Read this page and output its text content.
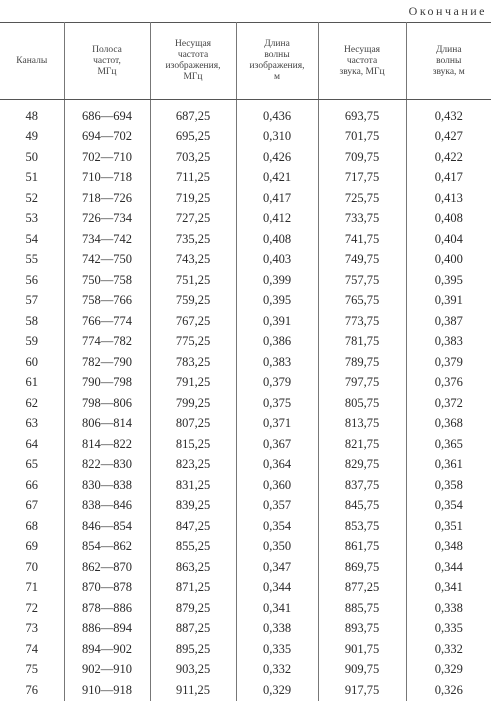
Окончание
Каналы	Полоса
частот,
МГц	Несущая
частота
изображения,
МГц	Длина
волны
изображения,
м	Несущая
частота
звука, МГц	Длина
волны
звука, м

48	686—694	687,25	0,436	693,75	0,432
49	694—702	695,25	0,310	701,75	0,427
50	702—710	703,25	0,426	709,75	0,422
51	710—718	711,25	0,421	717,75	0,417
52	718—726	719,25	0,417	725,75	0,413
53	726—734	727,25	0,412	733,75	0,408
54	734—742	735,25	0,408	741,75	0,404
55	742—750	743,25	0,403	749,75	0,400
56	750—758	751,25	0,399	757,75	0,395
57	758—766	759,25	0,395	765,75	0,391
58	766—774	767,25	0,391	773,75	0,387
59	774—782	775,25	0,386	781,75	0,383
60	782—790	783,25	0,383	789,75	0,379
61	790—798	791,25	0,379	797,75	0,376
62	798—806	799,25	0,375	805,75	0,372
63	806—814	807,25	0,371	813,75	0,368
64	814—822	815,25	0,367	821,75	0,365
65	822—830	823,25	0,364	829,75	0,361
66	830—838	831,25	0,360	837,75	0,358
67	838—846	839,25	0,357	845,75	0,354
68	846—854	847,25	0,354	853,75	0,351
69	854—862	855,25	0,350	861,75	0,348
70	862—870	863,25	0,347	869,75	0,344
71	870—878	871,25	0,344	877,25	0,341
72	878—886	879,25	0,341	885,75	0,338
73	886—894	887,25	0,338	893,75	0,335
74	894—902	895,25	0,335	901,75	0,332
75	902—910	903,25	0,332	909,75	0,329
76	910—918	911,25	0,329	917,75	0,326
